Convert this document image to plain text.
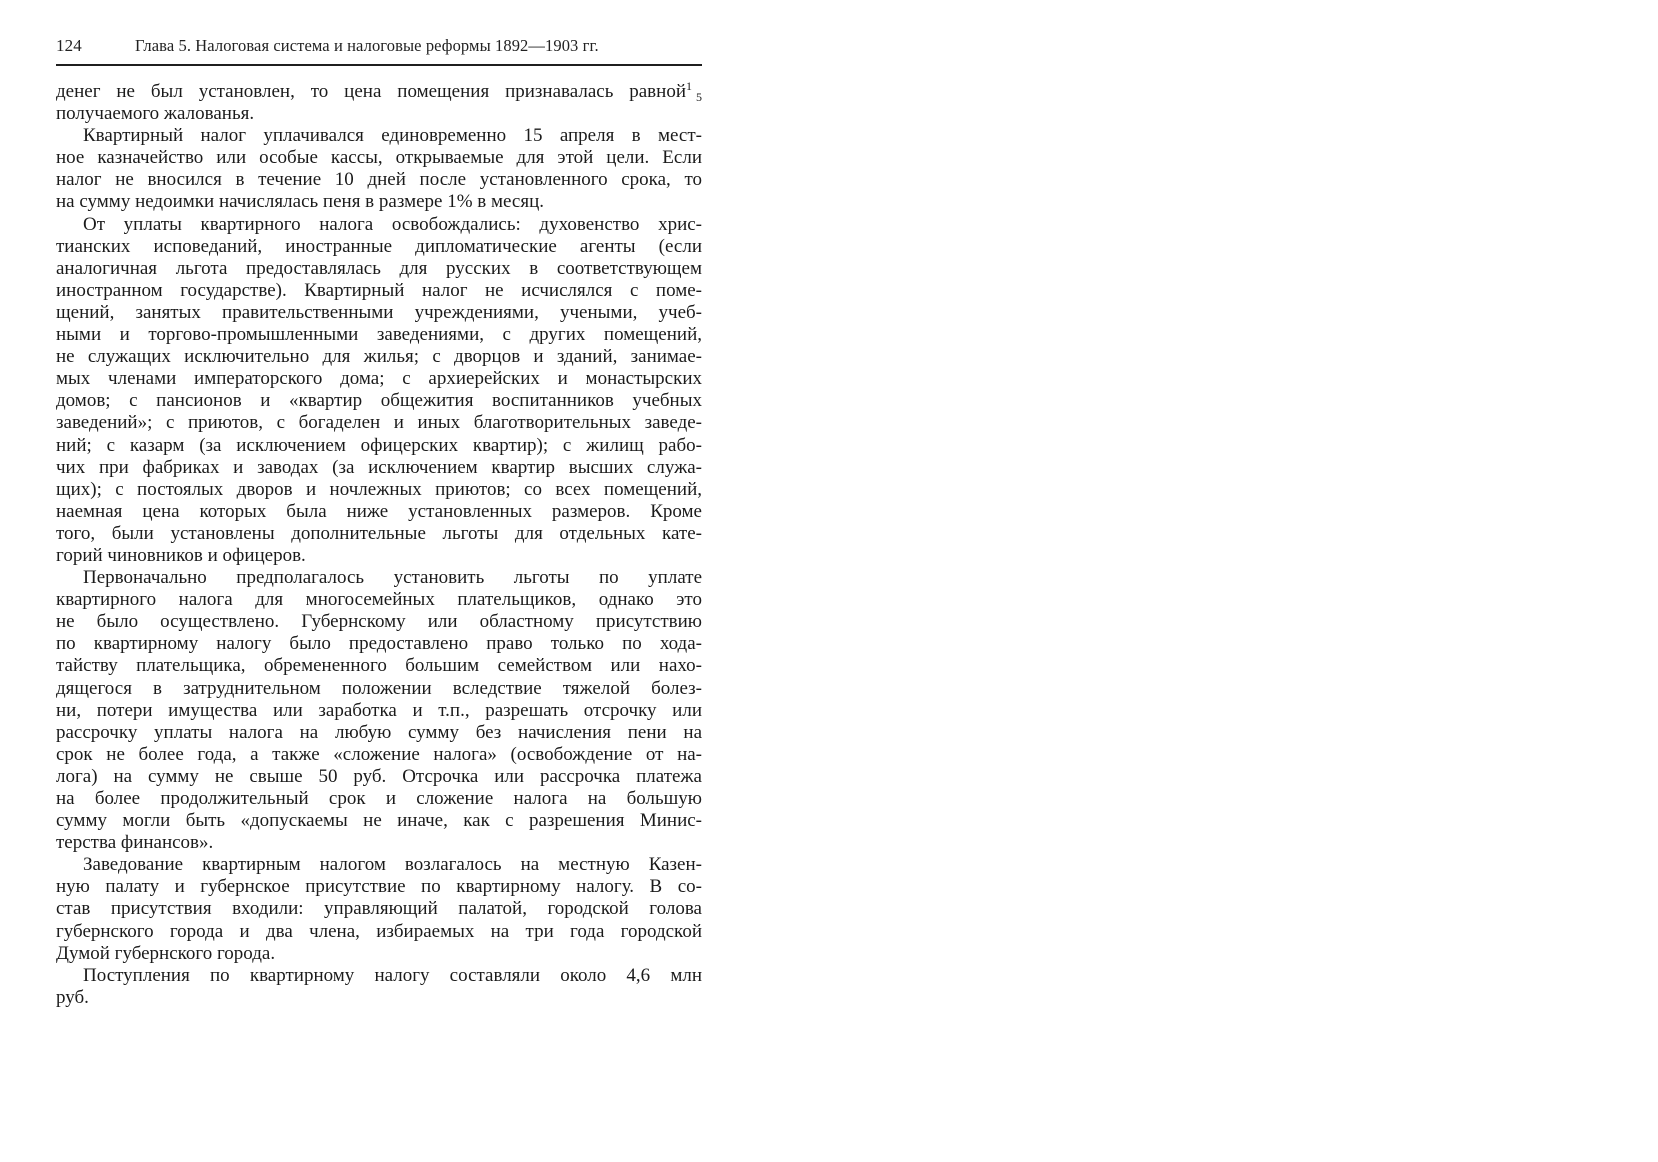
124	Глава 5. Налоговая система и налоговые реформы 1892—1903 гг.
денег не был установлен, то цена помещения признавалась равной$^1_5$
получаемого жалованья.
Квартирный налог уплачивался единовременно 15 апреля в мест-
ное казначейство или особые кассы, открываемые для этой цели. Если
налог не вносился в течение 10 дней после установленного срока, то
на сумму недоимки начислялась пеня в размере 1% в месяц.
От уплаты квартирного налога освобождались: духовенство хрис-
тианских исповеданий, иностранные дипломатические агенты (если
аналогичная льгота предоставлялась для русских в соответствующем
иностранном государстве). Квартирный налог не исчислялся с поме-
щений, занятых правительственными учреждениями, учеными, учеб-
ными и торгово-промышленными заведениями, с других помещений,
не служащих исключительно для жилья; с дворцов и зданий, занимае-
мых членами императорского дома; с архиерейских и монастырских
домов; с пансионов и «квартир общежития воспитанников учебных
заведений»; с приютов, с богаделен и иных благотворительных заведе-
ний; с казарм (за исключением офицерских квартир); с жилищ рабо-
чих при фабриках и заводах (за исключением квартир высших служа-
щих); с постоялых дворов и ночлежных приютов; со всех помещений,
наемная цена которых была ниже установленных размеров. Кроме
того, были установлены дополнительные льготы для отдельных кате-
горий чиновников и офицеров.
Первоначально предполагалось установить льготы по уплате
квартирного налога для многосемейных плательщиков, однако это
не было осуществлено. Губернскому или областному присутствию
по квартирному налогу было предоставлено право только по хода-
тайству плательщика, обремененного большим семейством или нахо-
дящегося в затруднительном положении вследствие тяжелой болез-
ни, потери имущества или заработка и т.п., разрешать отсрочку или
рассрочку уплаты налога на любую сумму без начисления пени на
срок не более года, а также «сложение налога» (освобождение от на-
лога) на сумму не свыше 50 руб. Отсрочка или рассрочка платежа
на более продолжительный срок и сложение налога на большую
сумму могли быть «допускаемы не иначе, как с разрешения Минис-
терства финансов».
Заведование квартирным налогом возлагалось на местную Казен-
ную палату и губернское присутствие по квартирному налогу. В со-
став присутствия входили: управляющий палатой, городской голова
губернского города и два члена, избираемых на три года городской
Думой губернского города.
Поступления по квартирному налогу составляли около 4,6 млн
руб.
